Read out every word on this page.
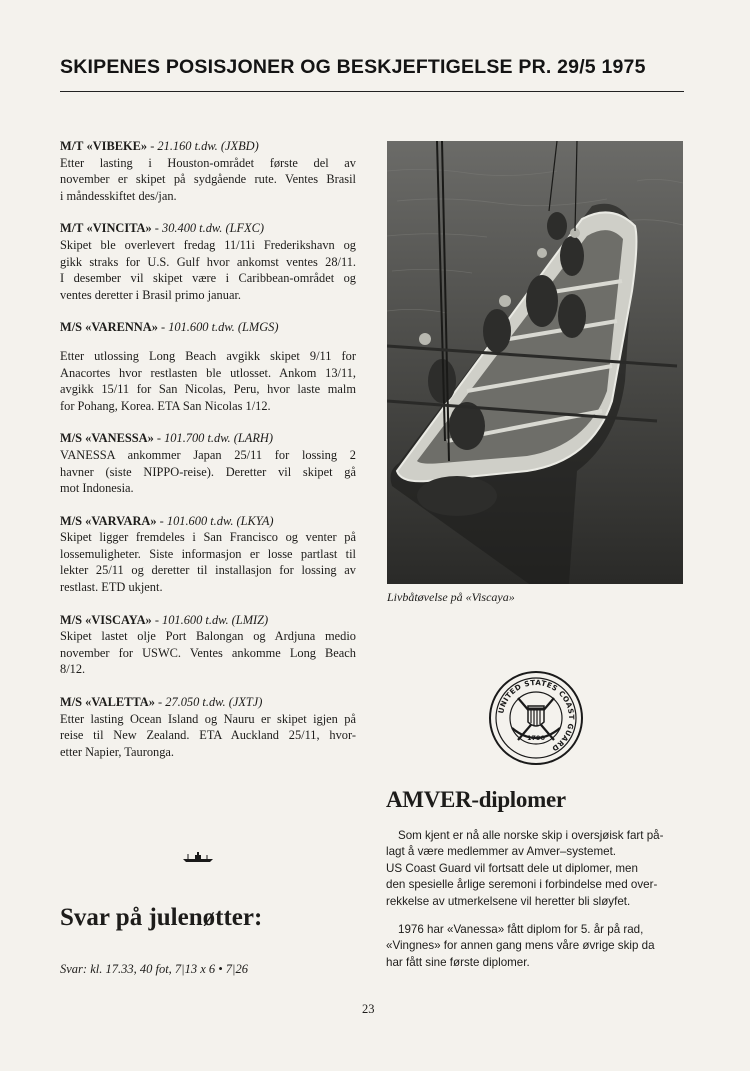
SKIPENES POSISJONER OG BESKJEFTIGELSE PR. 29/5 1975
M/T «VIBEKE» - 21.160 t.dw. (JXBD)
Etter lasting i Houston-området første del av
november er skipet på sydgående rute. Ventes Brasil
i måndesskiftet des/jan.
M/T «VINCITA» - 30.400 t.dw. (LFXC)
Skipet ble overlevert fredag 11/11i Frederikshavn og
gikk straks for U.S. Gulf hvor ankomst ventes 28/11.
I desember vil skipet være i Caribbean-området og
ventes deretter i Brasil primo januar.
M/S «VARENNA» - 101.600 t.dw. (LMGS)
Etter utlossing Long Beach avgikk skipet 9/11 for
Anacortes hvor restlasten ble utlosset. Ankom 13/11,
avgikk 15/11 for San Nicolas, Peru, hvor laste malm
for Pohang, Korea. ETA San Nicolas 1/12.
M/S «VANESSA» - 101.700 t.dw. (LARH)
VANESSA ankommer Japan 25/11 for lossing 2
havner (siste NIPPO-reise). Deretter vil skipet gå
mot Indonesia.
M/S «VARVARA» - 101.600 t.dw. (LKYA)
Skipet ligger fremdeles i San Francisco og venter på
lossemuligheter. Siste informasjon er losse partlast til
lekter 25/11 og deretter til installasjon for lossing av
restlast. ETD ukjent.
M/S «VISCAYA» - 101.600 t.dw. (LMIZ)
Skipet lastet olje Port Balongan og Ardjuna medio
november for USWC. Ventes ankomme Long Beach
8/12.
M/S «VALETTA» - 27.050 t.dw. (JXTJ)
Etter lasting Ocean Island og Nauru er skipet igjen på
reise til New Zealand. ETA Auckland 25/11, hvor-
etter Napier, Tauronga.
Livbåtøvelse på «Viscaya»
UNITED STATES COAST GUARD
1790
AMVER-diplomer

Som kjent er nå alle norske skip i oversjøisk fart på-
lagt å være medlemmer av Amver–systemet.
US Coast Guard vil fortsatt dele ut diplomer, men
den spesielle årlige seremoni i forbindelse med over-
rekkelse av utmerkelsene vil heretter bli sløyfet.

1976 har «Vanessa» fått diplom for 5. år på rad,
«Vingnes» for annen gang mens våre øvrige skip da
har fått sine første diplomer.

Svar på julenøtter:
Svar: kl. 17.33, 40 fot, 7|13 x 6 • 7|26
23
